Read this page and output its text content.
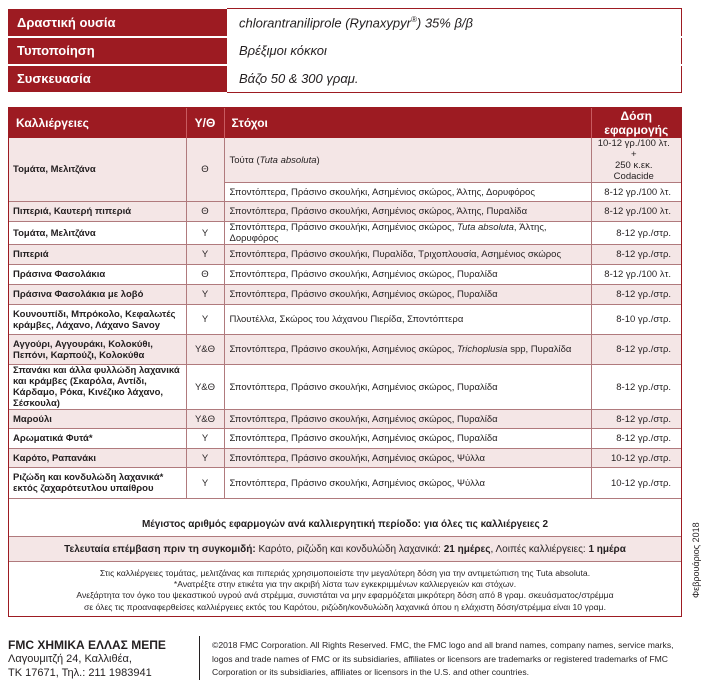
Δραστική ουσία	chlorantraniliprole (Rynaxypyr®) 35% β/β
Τυποποίηση	Βρέξιμοι κόκκοι
Συσκευασία	Βάζο 50 & 300 γραμ.
Καλλιέργειες	Υ/Θ	Στόχοι	Δόση εφαρμογής
Τομάτα, Μελιτζάνα	Θ	Τούτα (Tuta absoluta)	10-12 γρ./100 λτ. +
250 κ.εκ. Codacide

		Σποντόπτερα, Πράσινο σκουλήκι, Ασημένιος σκώρος, Άλτης, Δορυφόρος	8-12 γρ./100 λτ.

Πιπεριά, Καυτερή πιπεριά	Θ	Σποντόπτερα, Πράσινο σκουλήκι, Ασημένιος σκώρος, Άλτης, Πυραλίδα	8-12 γρ./100 λτ.

Τομάτα, Μελιτζάνα	Υ	Σποντόπτερα, Πράσινο σκουλήκι, Ασημένιος σκώρος, Tuta absoluta, Άλτης, Δορυφόρος	8-12 γρ./στρ.

Πιπεριά	Υ	Σποντόπτερα, Πράσινο σκουλήκι, Πυραλίδα, Τριχοπλουσία, Ασημένιος σκώρος	8-12 γρ./στρ.

Πράσινα Φασολάκια	Θ	Σποντόπτερα, Πράσινο σκουλήκι, Ασημένιος σκώρος, Πυραλίδα	8-12 γρ./100 λτ.

Πράσινα Φασολάκια με λοβό	Υ	Σποντόπτερα, Πράσινο σκουλήκι, Ασημένιος σκώρος, Πυραλίδα	8-12 γρ./στρ.

Κουνουπίδι, Μπρόκολο, Κεφαλωτές κράμβες, Λάχανο, Λάχανο Savoy	Υ	Πλουτέλλα, Σκώρος του λάχανου Πιερίδα, Σποντόπτερα	8-10 γρ./στρ.

Αγγούρι, Αγγουράκι, Κολοκύθι, Πεπόνι, Καρπούζι, Κολοκύθα	Υ&Θ	Σποντόπτερα, Πράσινο σκουλήκι, Ασημένιος σκώρος, Trichoplusia spp, Πυραλίδα	8-12 γρ./στρ.

Σπανάκι και άλλα φυλλώδη λαχανικά και κράμβες (Σκαρόλα, Αντίδι, Κάρδαμο, Ρόκα, Κινέζικο λάχανο, Σέσκουλα)	Υ&Θ	Σποντόπτερα, Πράσινο σκουλήκι, Ασημένιος σκώρος, Πυραλίδα	8-12 γρ./στρ.

Μαρούλι	Υ&Θ	Σποντόπτερα, Πράσινο σκουλήκι, Ασημένιος σκώρος, Πυραλίδα	8-12 γρ./στρ.

Αρωματικά Φυτά*	Υ	Σποντόπτερα, Πράσινο σκουλήκι, Ασημένιος σκώρος, Πυραλίδα	8-12 γρ./στρ.

Καρότο, Ραπανάκι	Υ	Σποντόπτερα, Πράσινο σκουλήκι, Ασημένιος σκώρος, Ψύλλα	10-12 γρ./στρ.

Ριζώδη και κονδυλώδη λαχανικά* εκτός ζαχαρότευτλου υπαίθρου	Υ	Σποντόπτερα, Πράσινο σκουλήκι, Ασημένιος σκώρος, Ψύλλα	10-12 γρ./στρ.
Μέγιστος αριθμός εφαρμογών ανά καλλιεργητική περίοδο: για όλες τις καλλιέργειες 2
Τελευταία επέμβαση πριν τη συγκομιδή: Καρότο, ριζώδη και κονδυλώδη λαχανικά: 21 ημέρες, Λοιπές καλλιέργειες: 1 ημέρα
Στις καλλιέργειες τομάτας, μελιτζάνας και πιπεριάς χρησιμοποιείστε την μεγαλύτερη δόση για την αντιμετώπιση της Tuta absoluta.
*Ανατρέξτε στην ετικέτα για την ακριβή λίστα των εγκεκριμμένων καλλιεργειών και στόχων.
Ανεξάρτητα τον όγκο του ψεκαστικού υγρού ανά στρέμμα, συνιστάται να μην εφαρμόζεται μικρότερη δόση από 8 γραμ. σκευάσματος/στρέμμα
σε όλες τις προαναφερθείσες καλλιέργειες εκτός του Καρότου, ριζώδη/κονδυλώδη λαχανικά όπου η ελάχιστη δόση/στρέμμα είναι 10 γραμ.
Φεβρουάριος 2018
FMC ΧΗΜΙΚΑ ΕΛΛΑΣ ΜΕΠΕ
Λαγουμιτζή 24, Καλλιθέα,
ΤΚ 17671, Τηλ.: 211 1983941
©2018 FMC Corporation. All Rights Reserved. FMC, the FMC logo and all brand names, company names, service marks, logos and trade names of FMC or its subsidiaries, affiliates or licensors are trademarks or registered trademarks of FMC Corporation or its subsidiaries, affiliates or licensors in the U.S. and other countries.
